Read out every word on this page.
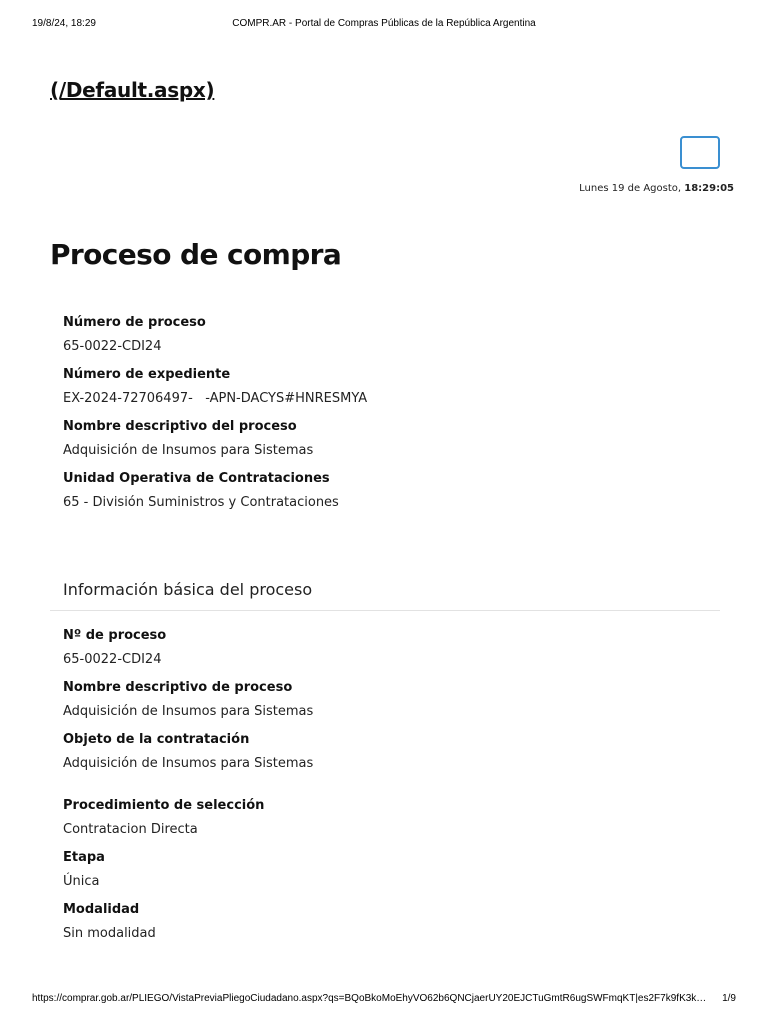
19/8/24, 18:29	COMPR.AR - Portal de Compras Públicas de la República Argentina
(/Default.aspx)
Lunes 19 de Agosto, 18:29:05
Proceso de compra
Número de proceso
65-0022-CDI24
Número de expediente
EX-2024-72706497-   -APN-DACYS#HNRESMYA
Nombre descriptivo del proceso
Adquisición de Insumos para Sistemas
Unidad Operativa de Contrataciones
65 - División Suministros y Contrataciones
Información básica del proceso
Nº de proceso
65-0022-CDI24
Nombre descriptivo de proceso
Adquisición de Insumos para Sistemas
Objeto de la contratación
Adquisición de Insumos para Sistemas
Procedimiento de selección
Contratacion Directa
Etapa
Única
Modalidad
Sin modalidad
https://comprar.gob.ar/PLIEGO/VistaPreviaPliegoCiudadano.aspx?qs=BQoBkoMoEhyVO62b6QNCjaerUY20EJCTuGmtR6ugSWFmqKT|es2F7k9fK3k…	1/9
